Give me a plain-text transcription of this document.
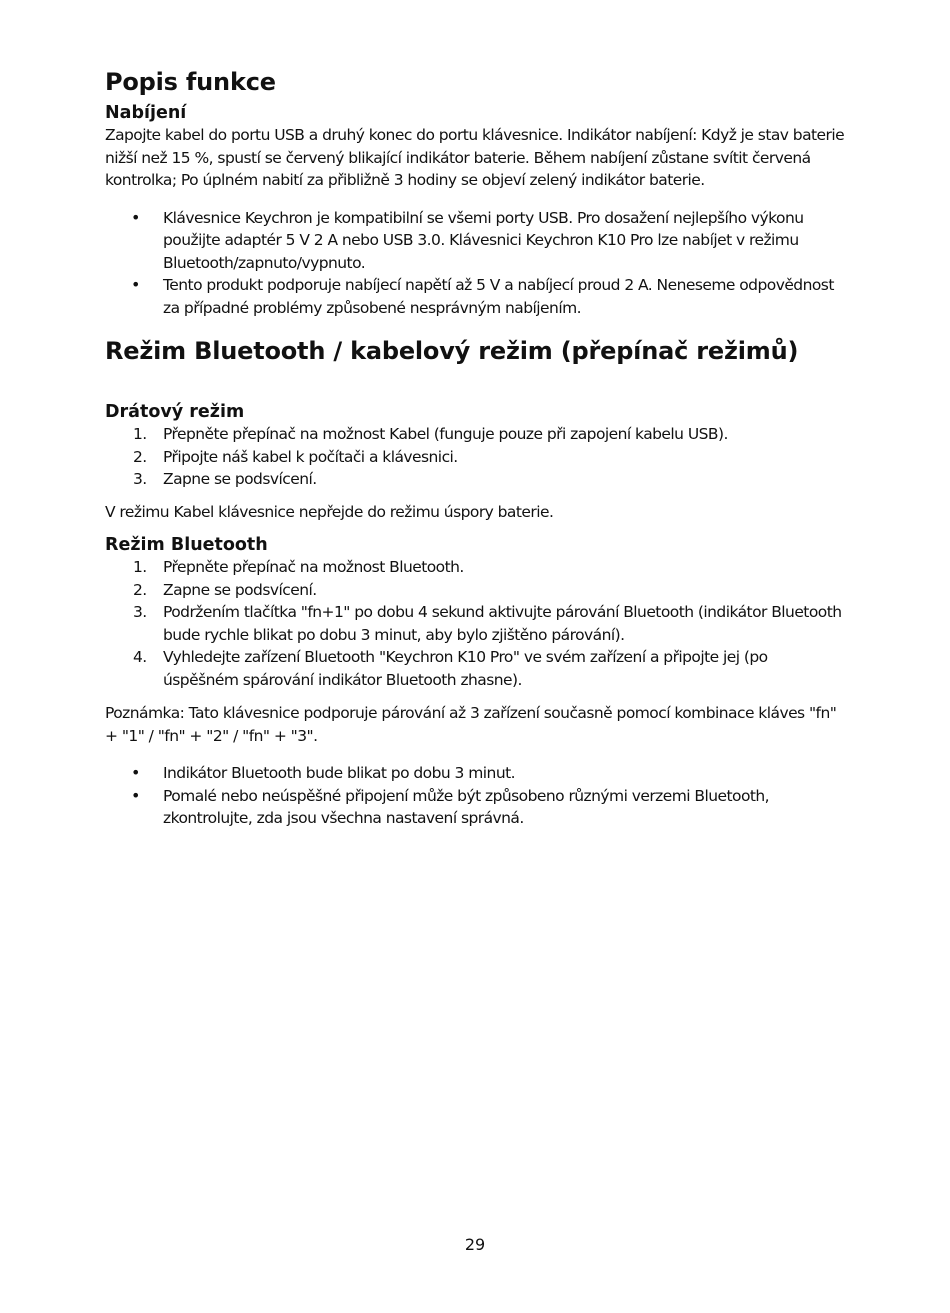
Popis funkce
Nabíjení

Zapojte kabel do portu USB a druhý konec do portu klávesnice. Indikátor nabíjení: Když je stav baterie nižší než 15 %, spustí se červený blikající indikátor baterie. Během nabíjení zůstane svítit červená kontrolka; Po úplném nabití za přibližně 3 hodiny se objeví zelený indikátor baterie.

• Klávesnice Keychron je kompatibilní se všemi porty USB. Pro dosažení nejlepšího výkonu použijte adaptér 5 V 2 A nebo USB 3.0. Klávesnici Keychron K10 Pro lze nabíjet v režimu Bluetooth/zapnuto/vypnuto.
• Tento produkt podporuje nabíjecí napětí až 5 V a nabíjecí proud 2 A. Neneseme odpovědnost za případné problémy způsobené nesprávným nabíjením.
Režim Bluetooth / kabelový režim (přepínač režimů)
Drátový režim
1. Přepněte přepínač na možnost Kabel (funguje pouze při zapojení kabelu USB).
2. Připojte náš kabel k počítači a klávesnici.
3. Zapne se podsvícení.

V režimu Kabel klávesnice nepřejde do režimu úspory baterie.

Režim Bluetooth
1. Přepněte přepínač na možnost Bluetooth.
2. Zapne se podsvícení.
3. Podržením tlačítka "fn+1" po dobu 4 sekund aktivujte párování Bluetooth (indikátor Bluetooth bude rychle blikat po dobu 3 minut, aby bylo zjištěno párování).
4. Vyhledejte zařízení Bluetooth "Keychron K10 Pro" ve svém zařízení a připojte jej (po úspěšném spárování indikátor Bluetooth zhasne).

Poznámka: Tato klávesnice podporuje párování až 3 zařízení současně pomocí kombinace kláves "fn" + "1" / "fn" + "2" / "fn" + "3".

• Indikátor Bluetooth bude blikat po dobu 3 minut.
• Pomalé nebo neúspěšné připojení může být způsobeno různými verzemi Bluetooth, zkontrolujte, zda jsou všechna nastavení správná.
29
